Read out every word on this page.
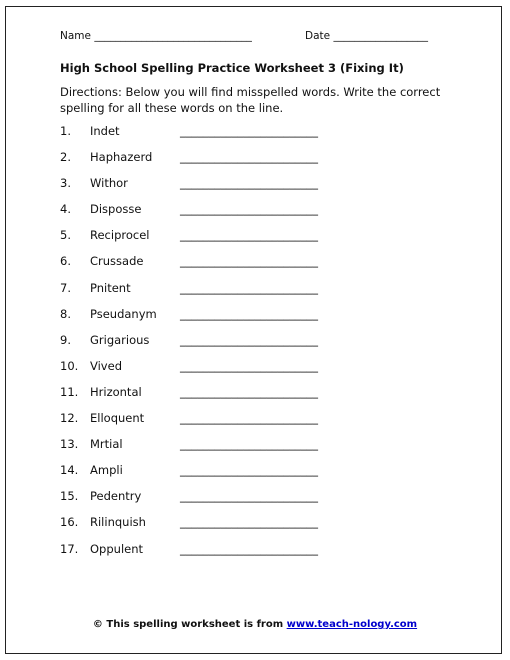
Name ______________________________	Date __________________
High School Spelling Practice Worksheet 3 (Fixing It)
Directions: Below you will find misspelled words. Write the correct spelling for all these words on the line.
1. Indet	________________________
2. Haphazerd ________________________
3. Withor	________________________
4. Disposse	________________________
5. Reciprocel	________________________
6. Crussade	________________________
7. Pnitent	________________________
8. Pseudanym ________________________
9. Grigarious	________________________
10. Vived	________________________
11. Hrizontal	________________________
12. Elloquent	________________________
13. Mrtial	________________________
14. Ampli	________________________
15. Pedentry	________________________
16. Rilinquish	________________________
17. Oppulent	________________________
© This spelling worksheet is from www.teach-nology.com
